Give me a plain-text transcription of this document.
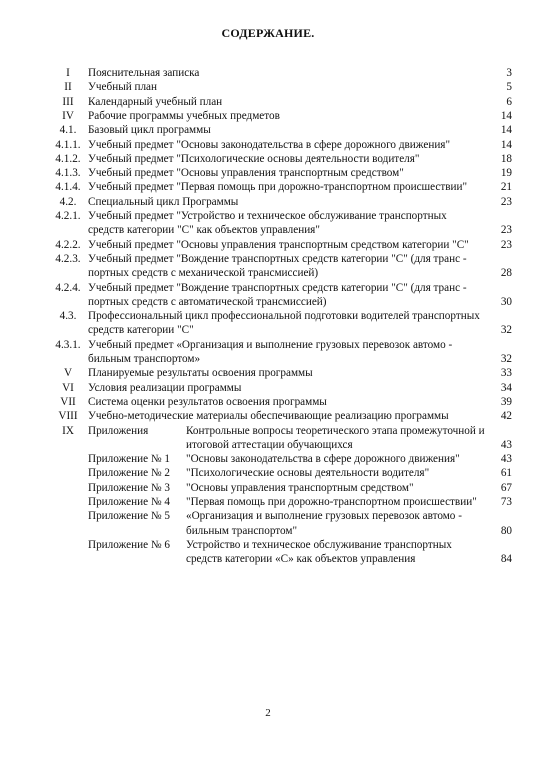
СОДЕРЖАНИЕ.
I	Пояснительная записка	3
II	Учебный план	5
III	Календарный учебный план	6
IV	Рабочие программы учебных предметов	14
4.1.	Базовый цикл программы	14
4.1.1. Учебный предмет "Основы законодательства в сфере дорожного движения"	14
4.1.2. Учебный предмет "Психологические основы деятельности водителя"	18
4.1.3. Учебный предмет "Основы управления транспортным средством"	19
4.1.4. Учебный предмет "Первая помощь при дорожно-транспортном происшествии"	21
4.2.	Специальный цикл Программы	23
4.2.1. Учебный предмет "Устройство и техническое обслуживание транспортных
средств категории "С" как объектов управления"	23
4.2.2. Учебный предмет "Основы управления транспортным средством категории "С"	23
4.2.3. Учебный предмет "Вождение транспортных средств категории "С" (для транс -
портных средств с механической трансмиссией)	28
4.2.4. Учебный предмет "Вождение транспортных средств категории "С" (для транс -
портных средств с автоматической трансмиссией)	30
4.3.	Профессиональный цикл профессиональной подготовки водителей транспортных
средств категории "С"	32
4.3.1. Учебный предмет «Организация и выполнение грузовых перевозок автомо -
бильным транспортом»	32
V	Планируемые результаты освоения программы	33
VI	Условия реализации программы	34
VII	Система оценки результатов освоения программы	39
VIII Учебно-методические материалы обеспечивающие реализацию программы	42
IX	Приложения	Контрольные вопросы теоретического этапа промежуточной и
итоговой аттестации обучающихся	43
Приложение № 1 "Основы законодательства в сфере дорожного движения"	43
Приложение № 2 "Психологические основы деятельности водителя"	61
Приложение № 3 "Основы управления транспортным средством"	67
Приложение № 4 "Первая помощь при дорожно-транспортном происшествии"	73
Приложение № 5 «Организация и выполнение грузовых перевозок автомо -
бильным транспортом"	80
Приложение № 6 Устройство и техническое обслуживание транспортных
средств категории «С» как объектов управления	84
2
